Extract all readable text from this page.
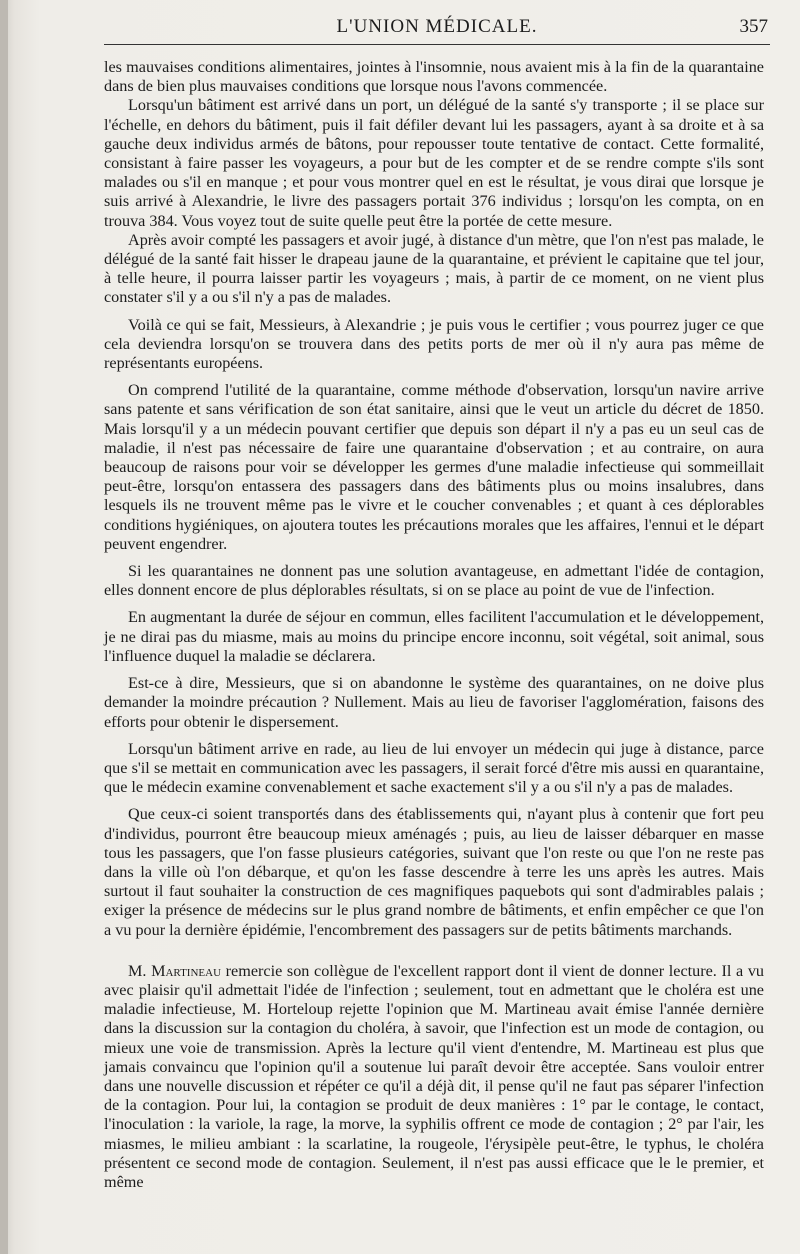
L'UNION MÉDICALE.	357

les mauvaises conditions alimentaires, jointes à l'insomnie, nous avaient mis à la fin de la quarantaine dans de bien plus mauvaises conditions que lorsque nous l'avons commencée.

Lorsqu'un bâtiment est arrivé dans un port, un délégué de la santé s'y transporte ; il se place sur l'échelle, en dehors du bâtiment, puis il fait défiler devant lui les passagers, ayant à sa droite et à sa gauche deux individus armés de bâtons, pour repousser toute tentative de contact. Cette formalité, consistant à faire passer les voyageurs, a pour but de les compter et de se rendre compte s'ils sont malades ou s'il en manque ; et pour vous montrer quel en est le résultat, je vous dirai que lorsque je suis arrivé à Alexandrie, le livre des passagers portait 376 individus ; lorsqu'on les compta, on en trouva 384. Vous voyez tout de suite quelle peut être la portée de cette mesure.

Après avoir compté les passagers et avoir jugé, à distance d'un mètre, que l'on n'est pas malade, le délégué de la santé fait hisser le drapeau jaune de la quarantaine, et prévient le capitaine que tel jour, à telle heure, il pourra laisser partir les voyageurs ; mais, à partir de ce moment, on ne vient plus constater s'il y a ou s'il n'y a pas de malades.

Voilà ce qui se fait, Messieurs, à Alexandrie ; je puis vous le certifier ; vous pourrez juger ce que cela deviendra lorsqu'on se trouvera dans des petits ports de mer où il n'y aura pas même de représentants européens.

On comprend l'utilité de la quarantaine, comme méthode d'observation, lorsqu'un navire arrive sans patente et sans vérification de son état sanitaire, ainsi que le veut un article du décret de 1850. Mais lorsqu'il y a un médecin pouvant certifier que depuis son départ il n'y a pas eu un seul cas de maladie, il n'est pas nécessaire de faire une quarantaine d'observation ; et au contraire, on aura beaucoup de raisons pour voir se développer les germes d'une maladie infectieuse qui sommeillait peut-être, lorsqu'on entassera des passagers dans des bâtiments plus ou moins insalubres, dans lesquels ils ne trouvent même pas le vivre et le coucher convenables ; et quant à ces déplorables conditions hygiéniques, on ajoutera toutes les précautions morales que les affaires, l'ennui et le départ peuvent engendrer.

Si les quarantaines ne donnent pas une solution avantageuse, en admettant l'idée de contagion, elles donnent encore de plus déplorables résultats, si on se place au point de vue de l'infection.

En augmentant la durée de séjour en commun, elles facilitent l'accumulation et le développement, je ne dirai pas du miasme, mais au moins du principe encore inconnu, soit végétal, soit animal, sous l'influence duquel la maladie se déclarera.

Est-ce à dire, Messieurs, que si on abandonne le système des quarantaines, on ne doive plus demander la moindre précaution ? Nullement. Mais au lieu de favoriser l'agglomération, faisons des efforts pour obtenir le dispersement.

Lorsqu'un bâtiment arrive en rade, au lieu de lui envoyer un médecin qui juge à distance, parce que s'il se mettait en communication avec les passagers, il serait forcé d'être mis aussi en quarantaine, que le médecin examine convenablement et sache exactement s'il y a ou s'il n'y a pas de malades.

Que ceux-ci soient transportés dans des établissements qui, n'ayant plus à contenir que fort peu d'individus, pourront être beaucoup mieux aménagés ; puis, au lieu de laisser débarquer en masse tous les passagers, que l'on fasse plusieurs catégories, suivant que l'on reste ou que l'on ne reste pas dans la ville où l'on débarque, et qu'on les fasse descendre à terre les uns après les autres. Mais surtout il faut souhaiter la construction de ces magnifiques paquebots qui sont d'admirables palais ; exiger la présence de médecins sur le plus grand nombre de bâtiments, et enfin empêcher ce que l'on a vu pour la dernière épidémie, l'encombrement des passagers sur de petits bâtiments marchands.

M. Martineau remercie son collègue de l'excellent rapport dont il vient de donner lecture. Il a vu avec plaisir qu'il admettait l'idée de l'infection ; seulement, tout en admettant que le choléra est une maladie infectieuse, M. Horteloup rejette l'opinion que M. Martineau avait émise l'année dernière dans la discussion sur la contagion du choléra, à savoir, que l'infection est un mode de contagion, ou mieux une voie de transmission. Après la lecture qu'il vient d'entendre, M. Martineau est plus que jamais convaincu que l'opinion qu'il a soutenue lui paraît devoir être acceptée. Sans vouloir entrer dans une nouvelle discussion et répéter ce qu'il a déjà dit, il pense qu'il ne faut pas séparer l'infection de la contagion. Pour lui, la contagion se produit de deux manières : 1° par le contage, le contact, l'inoculation : la variole, la rage, la morve, la syphilis offrent ce mode de contagion ; 2° par l'air, les miasmes, le milieu ambiant : la scarlatine, la rougeole, l'érysipèle peut-être, le typhus, le choléra présentent ce second mode de contagion. Seulement, il n'est pas aussi efficace que le le premier, et même
